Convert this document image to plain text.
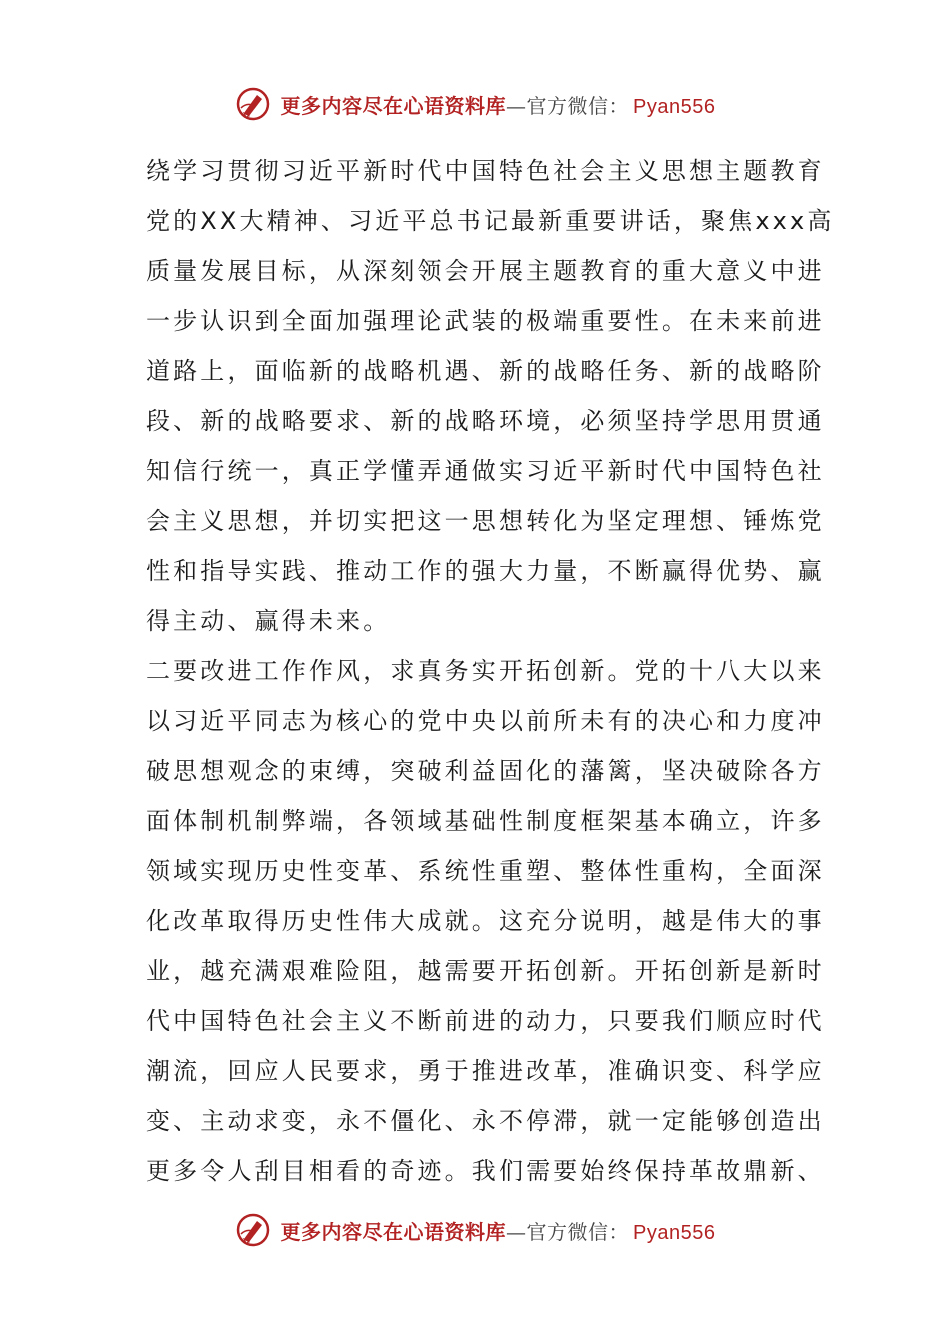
更多内容尽在心语资料库 —官方微信： Pyan556
绕学习贯彻习近平新时代中国特色社会主义思想主题教育
党的XX大精神、习近平总书记最新重要讲话，聚焦xxx高
质量发展目标，从深刻领会开展主题教育的重大意义中进
一步认识到全面加强理论武装的极端重要性。在未来前进
道路上，面临新的战略机遇、新的战略任务、新的战略阶
段、新的战略要求、新的战略环境，必须坚持学思用贯通
知信行统一，真正学懂弄通做实习近平新时代中国特色社
会主义思想，并切实把这一思想转化为坚定理想、锤炼党
性和指导实践、推动工作的强大力量，不断赢得优势、赢
得主动、赢得未来。
二要改进工作作风，求真务实开拓创新。党的十八大以来
以习近平同志为核心的党中央以前所未有的决心和力度冲
破思想观念的束缚，突破利益固化的藩篱，坚决破除各方
面体制机制弊端，各领域基础性制度框架基本确立，许多
领域实现历史性变革、系统性重塑、整体性重构，全面深
化改革取得历史性伟大成就。这充分说明，越是伟大的事
业，越充满艰难险阻，越需要开拓创新。开拓创新是新时
代中国特色社会主义不断前进的动力，只要我们顺应时代
潮流，回应人民要求，勇于推进改革，准确识变、科学应
变、主动求变，永不僵化、永不停滞，就一定能够创造出
更多令人刮目相看的奇迹。我们需要始终保持革故鼎新、
更多内容尽在心语资料库 —官方微信： Pyan556
